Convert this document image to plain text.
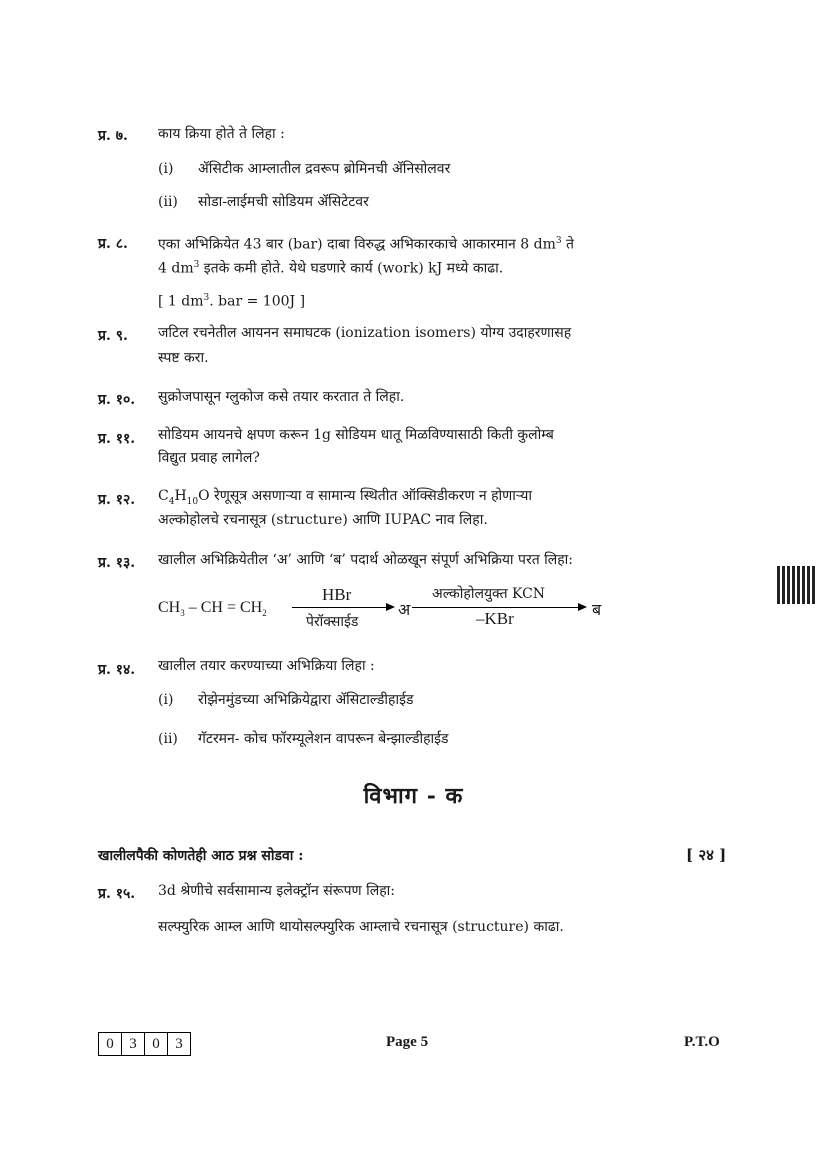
प्र. ७. काय क्रिया होते ते लिहा :
(i) ॲसिटीक आम्लातील द्रवरूप ब्रोमिनची ॲनिसोलवर
(ii) सोडा-लाईमची सोडियम ॲसिटेटवर
प्र. ८. एका अभिक्रियेत 43 बार (bar) दाबा विरुद्ध अभिकारकाचे आकारमान 8 $dm^3$ ते
4 $dm^3$ इतके कमी होते. येथे घडणारे कार्य (work) kJ मध्ये काढा.
[ 1 $dm^3$. bar = 100J ]
प्र. ९. जटिल रचनेतील आयनन समाघटक (ionization isomers) योग्य उदाहरणासह
स्पष्ट करा.
प्र. १०. सुक्रोजपासून ग्लुकोज कसे तयार करतात ते लिहा.
प्र. ११. सोडियम आयनचे क्षपण करून 1g सोडियम धातू मिळविण्यासाठी किती कुलोम्ब
विद्युत प्रवाह लागेल?
प्र. १२. $C_4H_{10}O$ रेणूसूत्र असणाऱ्या व सामान्य स्थितीत ऑक्सिडीकरण न होणाऱ्या
अल्कोहोलचे रचनासूत्र (structure) आणि IUPAC नाव लिहा.
प्र. १३. खालील अभिक्रियेतील ‘अ’ आणि ‘ब’ पदार्थ ओळखून संपूर्ण अभिक्रिया परत लिहा:
$CH_3$ – CH = $CH_2$
HBr
पेरॉक्साईड
अ
अल्कोहोलयुक्त KCN
–KBr	ब
प्र. १४. खालील तयार करण्याच्या अभिक्रिया लिहा :
(i) रोझेनमुंडच्या अभिक्रियेद्वारा ॲसिटाल्डीहाईड
(ii) गॅटरमन- कोच फॉरम्यूलेशन वापरून बेन्झाल्डीहाईड
विभाग - क
खालीलपैकी कोणतेही आठ प्रश्न सोडवा :	[ २४ ]
प्र. १५. 3d श्रेणीचे सर्वसामान्य इलेक्ट्रॉन संरूपण लिहा:
सल्फ्युरिक आम्ल आणि थायोसल्फ्युरिक आम्लाचे रचनासूत्र (structure) काढा.
0	3	0	3	Page 5	P.T.O
